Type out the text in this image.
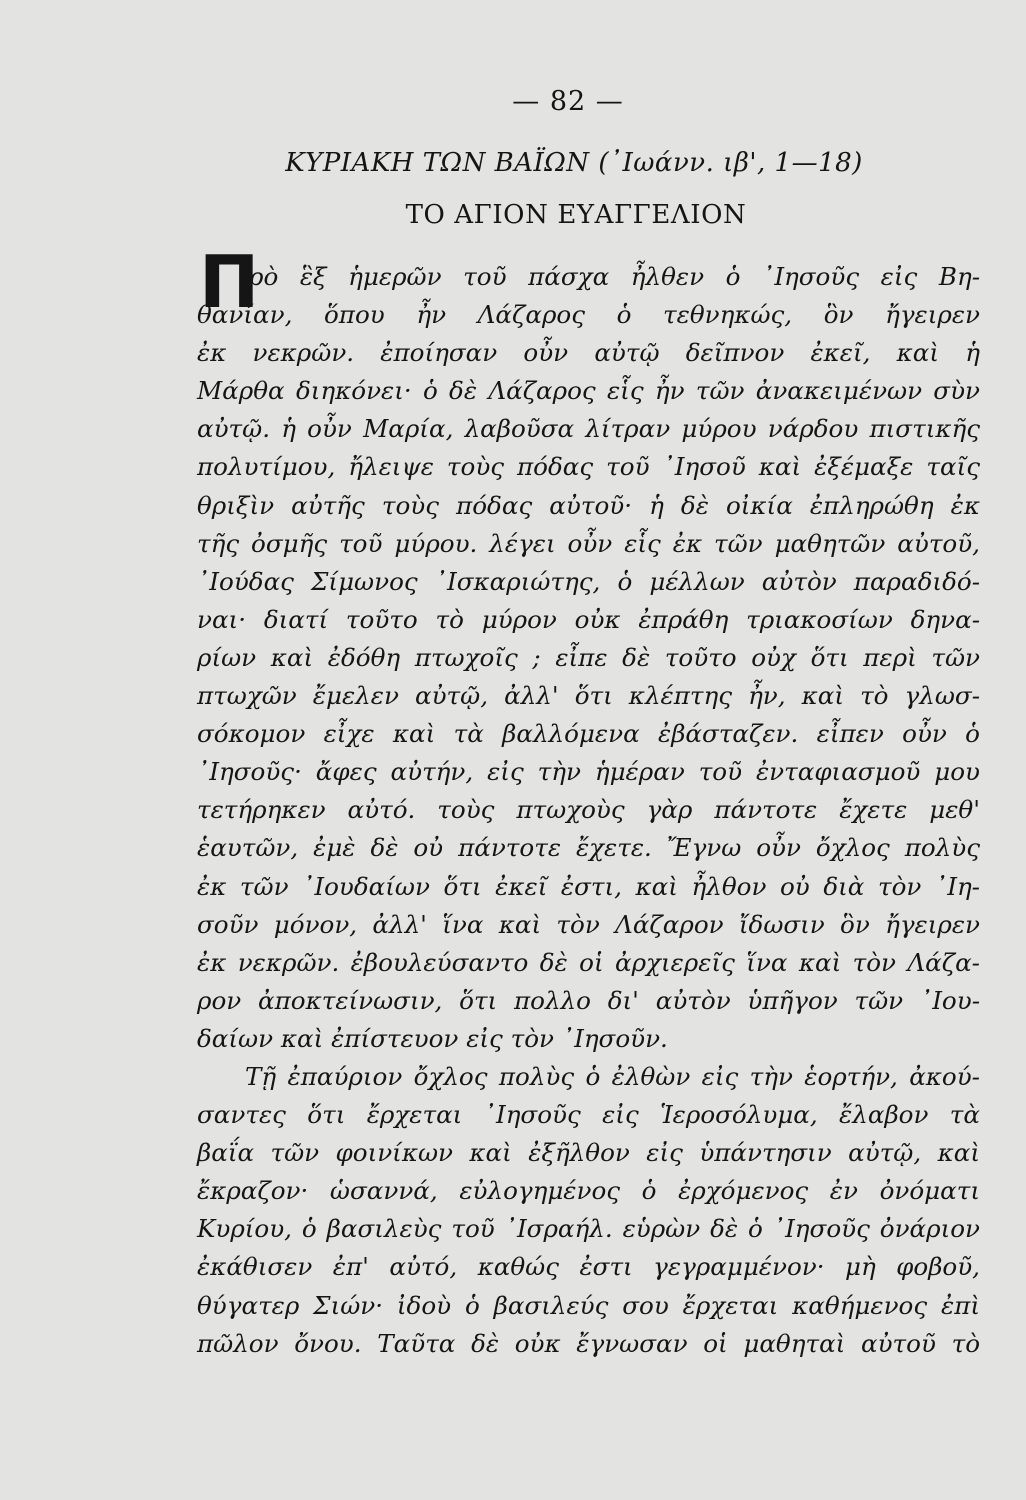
— 82 —
ΚΥΡΙΑΚΗ ΤΩΝ ΒΑΪΩΝ (᾿Ιωάνν. ιβ', 1—18)
ΤΟ ΑΓΙΟΝ ΕΥΑΓΓΕΛΙΟΝ
Π
ρὸ ἓξ ἡμερῶν τοῦ πάσχα ἦλθεν ὁ ᾿Ιησοῦς εἰς Βη-
θανίαν, ὅπου ἦν Λάζαρος ὁ τεθνηκώς, ὃν ἤγειρεν
ἐκ νεκρῶν. ἐποίησαν οὖν αὐτῷ δεῖπνον ἐκεῖ, καὶ ἡ
Μάρθα διηκόνει· ὁ δὲ Λάζαρος εἷς ἦν τῶν ἀνακειμένων σὺν
αὐτῷ. ἡ οὖν Μαρία, λαβοῦσα λίτραν μύρου νάρδου πιστικῆς
πολυτίμου, ἤλειψε τοὺς πόδας τοῦ ᾿Ιησοῦ καὶ ἐξέμαξε ταῖς
θριξὶν αὐτῆς τοὺς πόδας αὐτοῦ· ἡ δὲ οἰκία ἐπληρώθη ἐκ
τῆς ὀσμῆς τοῦ μύρου. λέγει οὖν εἷς ἐκ τῶν μαθητῶν αὐτοῦ,
᾿Ιούδας Σίμωνος ᾿Ισκαριώτης, ὁ μέλλων αὐτὸν παραδιδό-
ναι· διατί τοῦτο τὸ μύρον οὐκ ἐπράθη τριακοσίων δηνα-
ρίων καὶ ἐδόθη πτωχοῖς ; εἶπε δὲ τοῦτο οὐχ ὅτι περὶ τῶν
πτωχῶν ἔμελεν αὐτῷ, ἀλλ' ὅτι κλέπτης ἦν, καὶ τὸ γλωσ-
σόκομον εἶχε καὶ τὰ βαλλόμενα ἐβάσταζεν. εἶπεν οὖν ὁ
᾿Ιησοῦς· ἄφες αὐτήν, εἰς τὴν ἡμέραν τοῦ ἐνταφιασμοῦ μου
τετήρηκεν αὐτό. τοὺς πτωχοὺς γὰρ πάντοτε ἔχετε μεθ'
ἑαυτῶν, ἐμὲ δὲ οὐ πάντοτε ἔχετε. Ἔγνω οὖν ὄχλος πολὺς
ἐκ τῶν ᾿Ιουδαίων ὅτι ἐκεῖ ἐστι, καὶ ἦλθον οὐ διὰ τὸν ᾿Ιη-
σοῦν μόνον, ἀλλ' ἵνα καὶ τὸν Λάζαρον ἴδωσιν ὃν ἤγειρεν
ἐκ νεκρῶν. ἐβουλεύσαντο δὲ οἱ ἀρχιερεῖς ἵνα καὶ τὸν Λάζα-
ρον ἀποκτείνωσιν, ὅτι πολλο δι' αὐτὸν ὑπῆγον τῶν ᾿Ιου-
δαίων καὶ ἐπίστευον εἰς τὸν ᾿Ιησοῦν.
Τῇ ἐπαύριον ὄχλος πολὺς ὁ ἐλθὼν εἰς τὴν ἑορτήν, ἀκού-
σαντες ὅτι ἔρχεται ᾿Ιησοῦς εἰς Ἱεροσόλυμα, ἔλαβον τὰ
βαΐα τῶν φοινίκων καὶ ἐξῆλθον εἰς ὑπάντησιν αὐτῷ, καὶ
ἔκραζον· ὡσαννά, εὐλογημένος ὁ ἐρχόμενος ἐν ὀνόματι
Κυρίου, ὁ βασιλεὺς τοῦ ᾿Ισραήλ. εὑρὼν δὲ ὁ ᾿Ιησοῦς ὀνάριον
ἐκάθισεν ἐπ' αὐτό, καθώς ἐστι γεγραμμένον· μὴ φοβοῦ,
θύγατερ Σιών· ἰδοὺ ὁ βασιλεύς σου ἔρχεται καθήμενος ἐπὶ
πῶλον ὄνου. Ταῦτα δὲ οὐκ ἔγνωσαν οἱ μαθηταὶ αὐτοῦ τὸ
